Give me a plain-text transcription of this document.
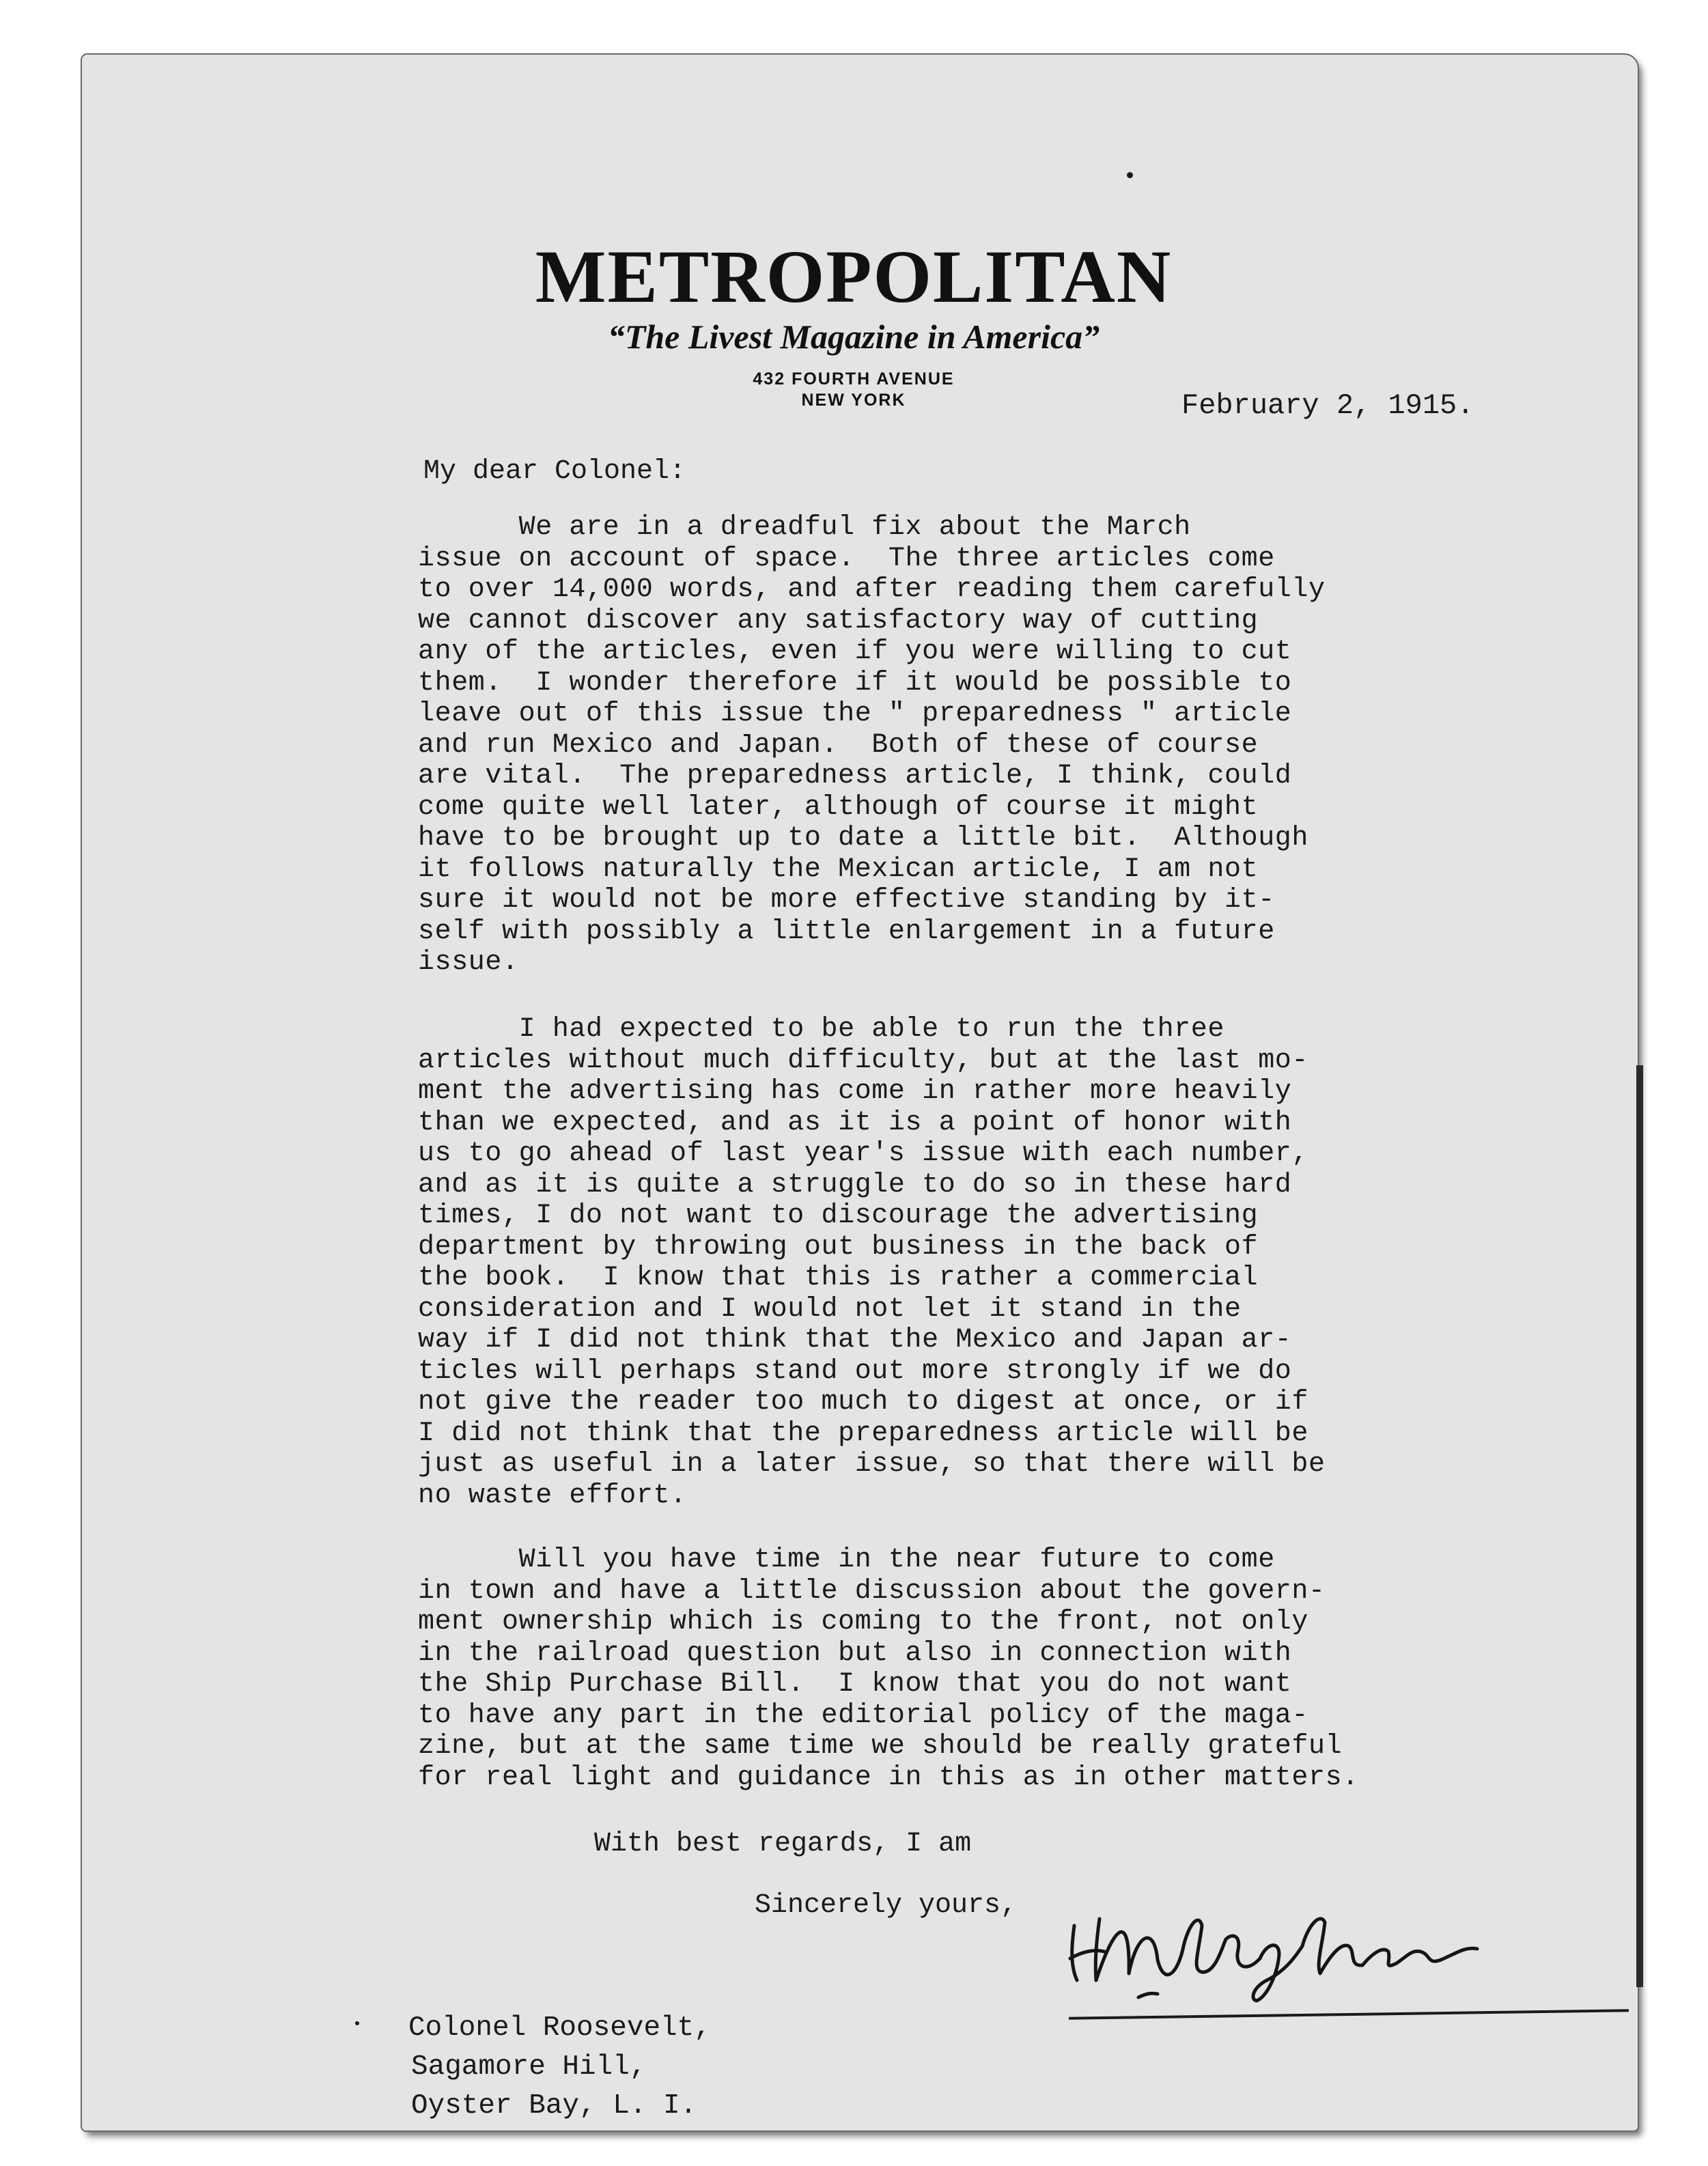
METROPOLITAN
“The Livest Magazine in America”
432 FOURTH AVENUE
NEW YORK	February 2, 1915.
My dear Colonel:
We are in a dreadful fix about the March
issue on account of space.  The three articles come
to over 14,000 words, and after reading them carefully
we cannot discover any satisfactory way of cutting
any of the articles, even if you were willing to cut
them.  I wonder therefore if it would be possible to
leave out of this issue the " preparedness " article
and run Mexico and Japan.  Both of these of course
are vital.  The preparedness article, I think, could
come quite well later, although of course it might
have to be brought up to date a little bit.  Although
it follows naturally the Mexican article, I am not
sure it would not be more effective standing by it-
self with possibly a little enlargement in a future
issue.
I had expected to be able to run the three
articles without much difficulty, but at the last mo-
ment the advertising has come in rather more heavily
than we expected, and as it is a point of honor with
us to go ahead of last year's issue with each number,
and as it is quite a struggle to do so in these hard
times, I do not want to discourage the advertising
department by throwing out business in the back of
the book.  I know that this is rather a commercial
consideration and I would not let it stand in the
way if I did not think that the Mexico and Japan ar-
ticles will perhaps stand out more strongly if we do
not give the reader too much to digest at once, or if
I did not think that the preparedness article will be
just as useful in a later issue, so that there will be
no waste effort.
Will you have time in the near future to come
in town and have a little discussion about the govern-
ment ownership which is coming to the front, not only
in the railroad question but also in connection with
the Ship Purchase Bill.  I know that you do not want
to have any part in the editorial policy of the maga-
zine, but at the same time we should be really grateful
for real light and guidance in this as in other matters.
With best regards, I am
Sincerely yours,
HJ Whigham
Colonel Roosevelt,
Sagamore Hill,
Oyster Bay, L. I.
